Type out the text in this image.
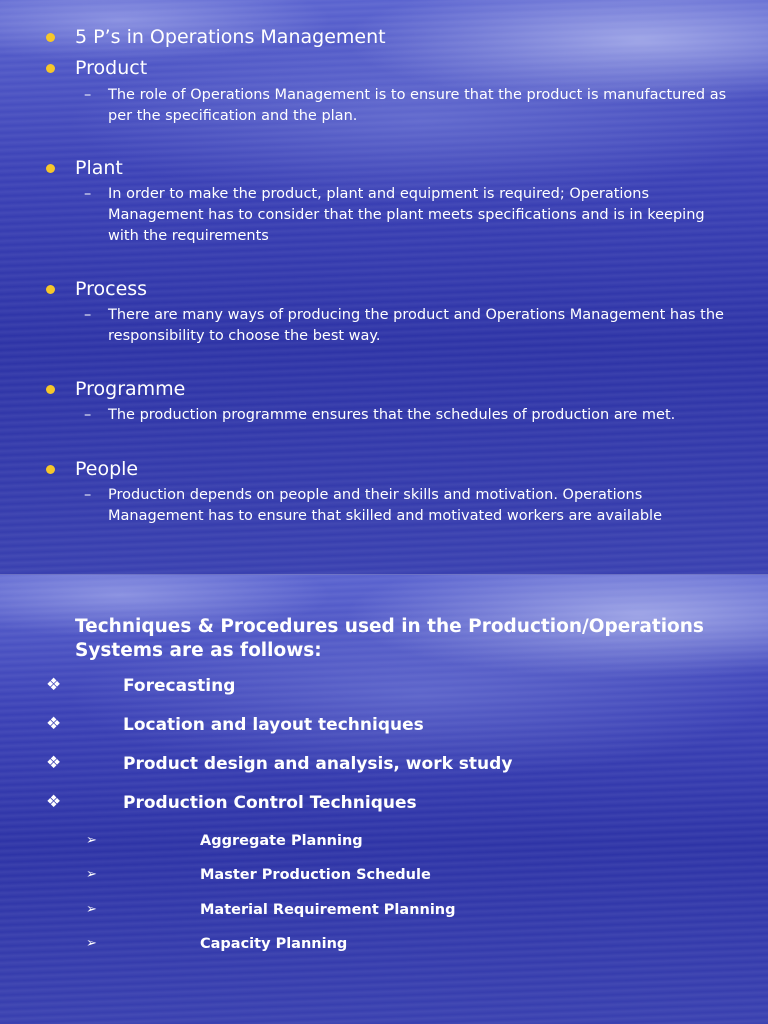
5 P’s in Operations Management
Product
– The role of Operations Management is to ensure that the product is manufactured as per the specification and the plan.
Plant
– In order to make the product, plant and equipment is required; Operations Management has to consider that the plant meets specifications and is in keeping with the requirements
Process
– There are many ways of producing the product and Operations Management has the responsibility to choose the best way.
Programme
– The production programme ensures that the schedules of production are met.
People
– Production depends on people and their skills and motivation. Operations Management has to ensure that skilled and motivated workers are available
Techniques & Procedures used in the Production/Operations Systems are as follows:
❖	Forecasting
❖	Location and layout techniques
❖	Product design and analysis, work study
❖	Production Control Techniques
➢	Aggregate Planning
➢	Master Production Schedule
➢	Material Requirement Planning
➢	Capacity Planning
